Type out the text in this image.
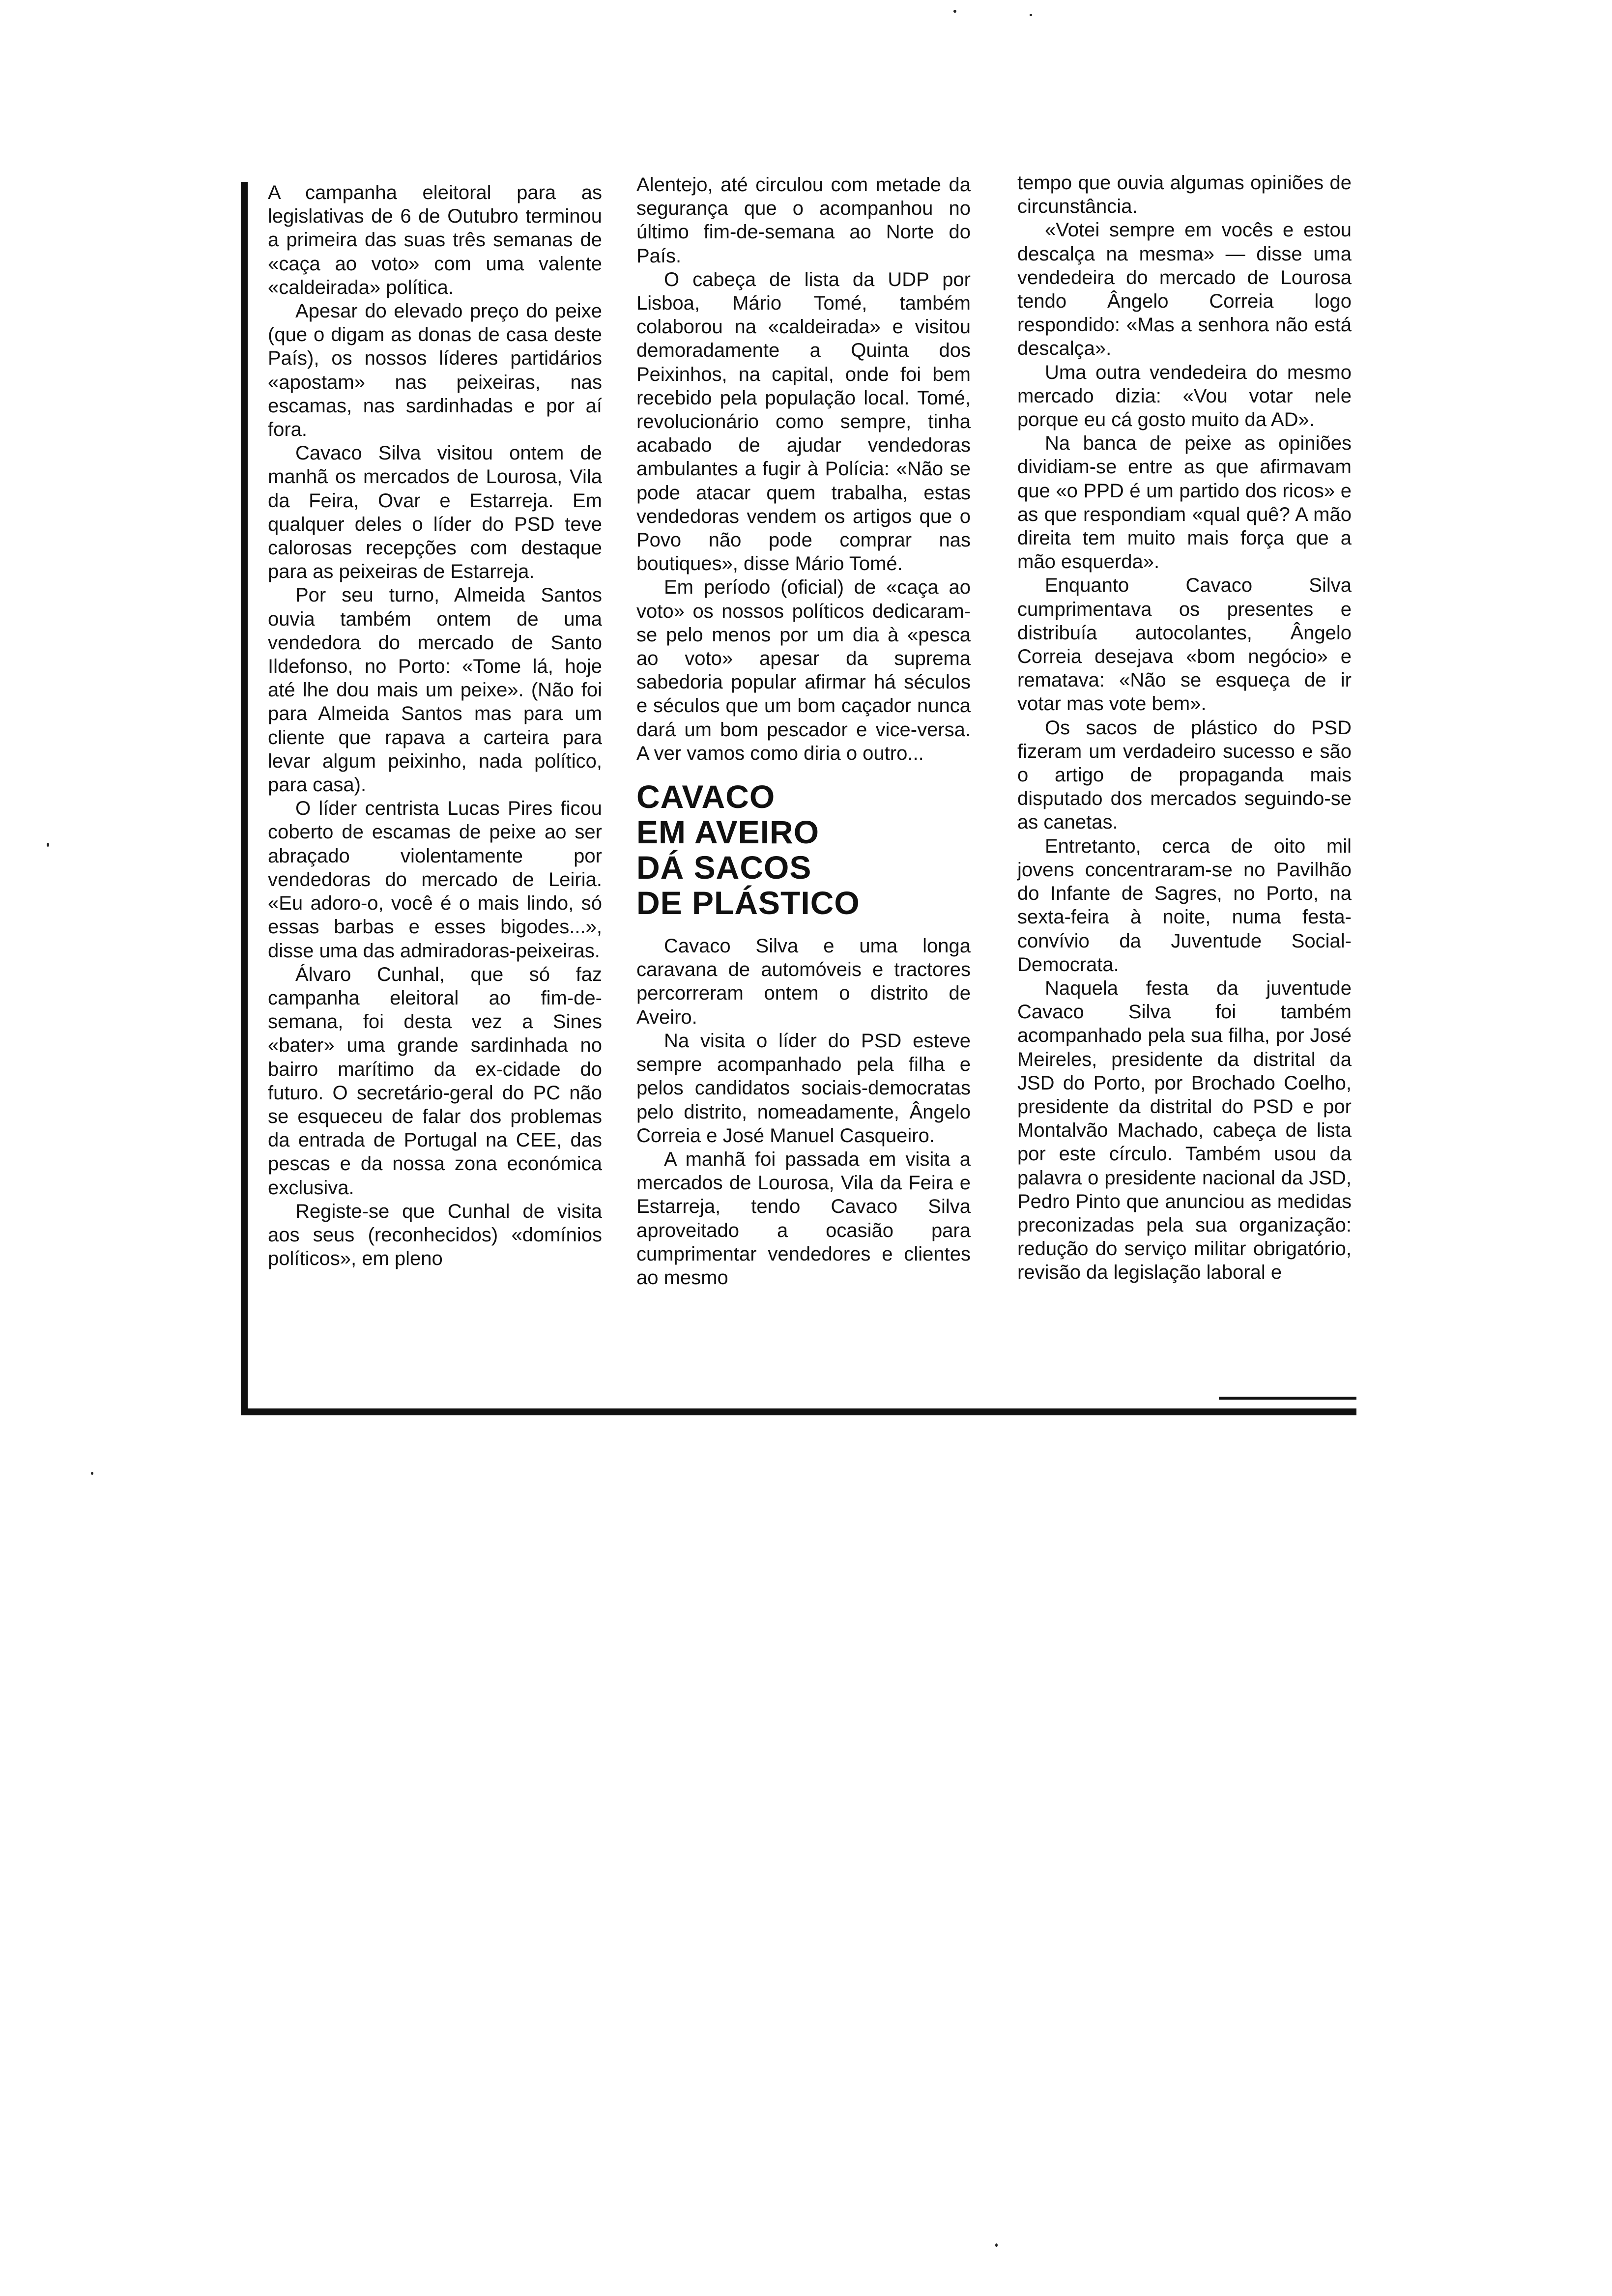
A campanha eleitoral para as legislativas de 6 de Outubro terminou a primeira das suas três semanas de «caça ao voto» com uma valente «caldeirada» política.

Apesar do elevado preço do peixe (que o digam as donas de casa deste País), os nossos líderes partidários «apostam» nas peixeiras, nas escamas, nas sardinhadas e por aí fora.

Cavaco Silva visitou ontem de manhã os mercados de Lourosa, Vila da Feira, Ovar e Estarreja. Em qualquer deles o líder do PSD teve calorosas recepções com destaque para as peixeiras de Estarreja.

Por seu turno, Almeida Santos ouvia também ontem de uma vendedora do mercado de Santo Ildefonso, no Porto: «Tome lá, hoje até lhe dou mais um peixe». (Não foi para Almeida Santos mas para um cliente que rapava a carteira para levar algum peixinho, nada político, para casa).

O líder centrista Lucas Pires ficou coberto de escamas de peixe ao ser abraçado violentamente por vendedoras do mercado de Leiria. «Eu adoro-o, você é o mais lindo, só essas barbas e esses bigodes...», disse uma das admiradoras-peixeiras.

Álvaro Cunhal, que só faz campanha eleitoral ao fim-de-semana, foi desta vez a Sines «bater» uma grande sardinhada no bairro marítimo da ex-cidade do futuro. O secretário-geral do PC não se esqueceu de falar dos problemas da entrada de Portugal na CEE, das pescas e da nossa zona económica exclusiva.

Registe-se que Cunhal de visita aos seus (reconhecidos) «domínios políticos», em pleno

Alentejo, até circulou com metade da segurança que o acompanhou no último fim-de-semana ao Norte do País.

O cabeça de lista da UDP por Lisboa, Mário Tomé, também colaborou na «caldeirada» e visitou demoradamente a Quinta dos Peixinhos, na capital, onde foi bem recebido pela população local. Tomé, revolucionário como sempre, tinha acabado de ajudar vendedoras ambulantes a fugir à Polícia: «Não se pode atacar quem trabalha, estas vendedoras vendem os artigos que o Povo não pode comprar nas boutiques», disse Mário Tomé.

Em período (oficial) de «caça ao voto» os nossos políticos dedicaram-se pelo menos por um dia à «pesca ao voto» apesar da suprema sabedoria popular afirmar há séculos e séculos que um bom caçador nunca dará um bom pescador e vice-versa. A ver vamos como diria o outro...

CAVACO
EM AVEIRO
DÁ SACOS
DE PLÁSTICO

Cavaco Silva e uma longa caravana de automóveis e tractores percorreram ontem o distrito de Aveiro.

Na visita o líder do PSD esteve sempre acompanhado pela filha e pelos candidatos sociais-democratas pelo distrito, nomeadamente, Ângelo Correia e José Manuel Casqueiro.

A manhã foi passada em visita a mercados de Lourosa, Vila da Feira e Estarreja, tendo Cavaco Silva aproveitado a ocasião para cumprimentar vendedores e clientes ao mesmo

tempo que ouvia algumas opiniões de circunstância.

«Votei sempre em vocês e estou descalça na mesma» — disse uma vendedeira do mercado de Lourosa tendo Ângelo Correia logo respondido: «Mas a senhora não está descalça».

Uma outra vendedeira do mesmo mercado dizia: «Vou votar nele porque eu cá gosto muito da AD».

Na banca de peixe as opiniões dividiam-se entre as que afirmavam que «o PPD é um partido dos ricos» e as que respondiam «qual quê? A mão direita tem muito mais força que a mão esquerda».

Enquanto Cavaco Silva cumprimentava os presentes e distribuía autocolantes, Ângelo Correia desejava «bom negócio» e rematava: «Não se esqueça de ir votar mas vote bem».

Os sacos de plástico do PSD fizeram um verdadeiro sucesso e são o artigo de propaganda mais disputado dos mercados seguindo-se as canetas.

Entretanto, cerca de oito mil jovens concentraram-se no Pavilhão do Infante de Sagres, no Porto, na sexta-feira à noite, numa festa-convívio da Juventude Social-Democrata.

Naquela festa da juventude Cavaco Silva foi também acompanhado pela sua filha, por José Meireles, presidente da distrital da JSD do Porto, por Brochado Coelho, presidente da distrital do PSD e por Montalvão Machado, cabeça de lista por este círculo. Também usou da palavra o presidente nacional da JSD, Pedro Pinto que anunciou as medidas preconizadas pela sua organização: redução do serviço militar obrigatório, revisão da legislação laboral e
